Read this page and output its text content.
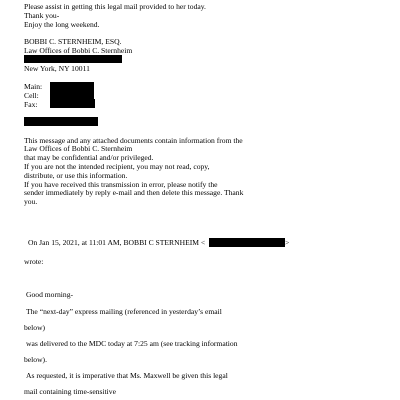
Please assist in getting this legal mail provided to her today.
Thank you-
Enjoy the long weekend.
BOBBI C. STERNHEIM, ESQ.
Law Offices of Bobbi C. Sternheim
New York, NY 10011
Main:
Cell:
Fax:
This message and any attached documents contain information from the
Law Offices of Bobbi C. Sternheim
that may be confidential and/or privileged.
If you are not the intended recipient, you may not read, copy,
distribute, or use this information.
If you have received this transmission in error, please notify the
sender immediately by reply e-mail and then delete this message. Thank
you.
On Jan 15, 2021, at 11:01 AM, BOBBI C STERNHEIM <	>
wrote:
Good morning-
The “next-day” express mailing (referenced in yesterday’s email
below)
was delivered to the MDC today at 7:25 am (see tracking information
below).
As requested, it is imperative that Ms. Maxwell be given this legal
mail containing time-sensitive
